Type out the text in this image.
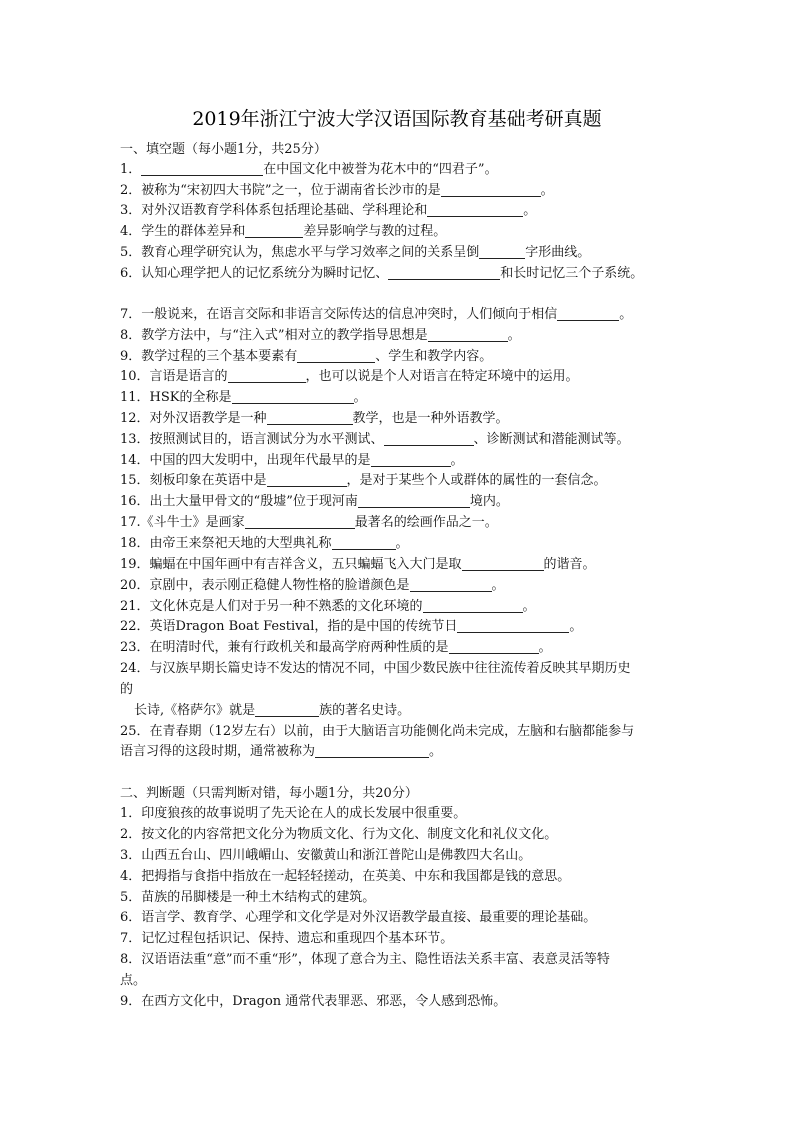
2019年浙江宁波大学汉语国际教育基础考研真题
一、填空题（每小题1分，共25分）
1．	在中国文化中被誉为花木中的“四君子”。
2．被称为“宋初四大书院”之一，位于湖南省长沙市的是	。
3．对外汉语教育学科体系包括理论基础、学科理论和	。
4．学生的群体差异和	差异影响学与教的过程。
5．教育心理学研究认为，焦虑水平与学习效率之间的关系呈倒	字形曲线。
6．认知心理学把人的记忆系统分为瞬时记忆、	和长时记忆三个子系统。
7．一般说来，在语言交际和非语言交际传达的信息冲突时，人们倾向于相信	。
8．教学方法中，与“注入式”相对立的教学指导思想是	。
9．教学过程的三个基本要素有	、学生和教学内容。
10．言语是语言的	，也可以说是个人对语言在特定环境中的运用。
11．HSK的全称是	。
12．对外汉语教学是一种	教学，也是一种外语教学。
13．按照测试目的，语言测试分为水平测试、	、诊断测试和潜能测试等。
14．中国的四大发明中，出现年代最早的是	。
15．刻板印象在英语中是	，是对于某些个人或群体的属性的一套信念。
16．出土大量甲骨文的“殷墟”位于现河南	境内。
17.《斗牛士》是画家	最著名的绘画作品之一。
18．由帝王来祭祀天地的大型典礼称	。
19．蝙蝠在中国年画中有吉祥含义，五只蝙蝠飞入大门是取	的谐音。
20．京剧中，表示刚正稳健人物性格的脸谱颜色是	。
21．文化休克是人们对于另一种不熟悉的文化环境的	。
22．英语Dragon Boat Festival，指的是中国的传统节日	。
23．在明清时代，兼有行政机关和最高学府两种性质的是	。
24．与汉族早期长篇史诗不发达的情况不同，中国少数民族中往往流传着反映其早期历史
的
长诗,《格萨尔》就是	族的著名史诗。
25．在青春期（12岁左右）以前，由于大脑语言功能侧化尚未完成，左脑和右脑都能参与
语言习得的这段时期，通常被称为	。
二、判断题（只需判断对错，每小题1分，共20分）
1．印度狼孩的故事说明了先天论在人的成长发展中很重要。
2．按文化的内容常把文化分为物质文化、行为文化、制度文化和礼仪文化。
3．山西五台山、四川峨嵋山、安徽黄山和浙江普陀山是佛教四大名山。
4．把拇指与食指中指放在一起轻轻搓动，在英美、中东和我国都是钱的意思。
5．苗族的吊脚楼是一种土木结构式的建筑。
6．语言学、教育学、心理学和文化学是对外汉语教学最直接、最重要的理论基础。
7．记忆过程包括识记、保持、遗忘和重现四个基本环节。
8．汉语语法重“意”而不重“形”，体现了意合为主、隐性语法关系丰富、表意灵活等特
点。
9．在西方文化中，Dragon 通常代表罪恶、邪恶，令人感到恐怖。
